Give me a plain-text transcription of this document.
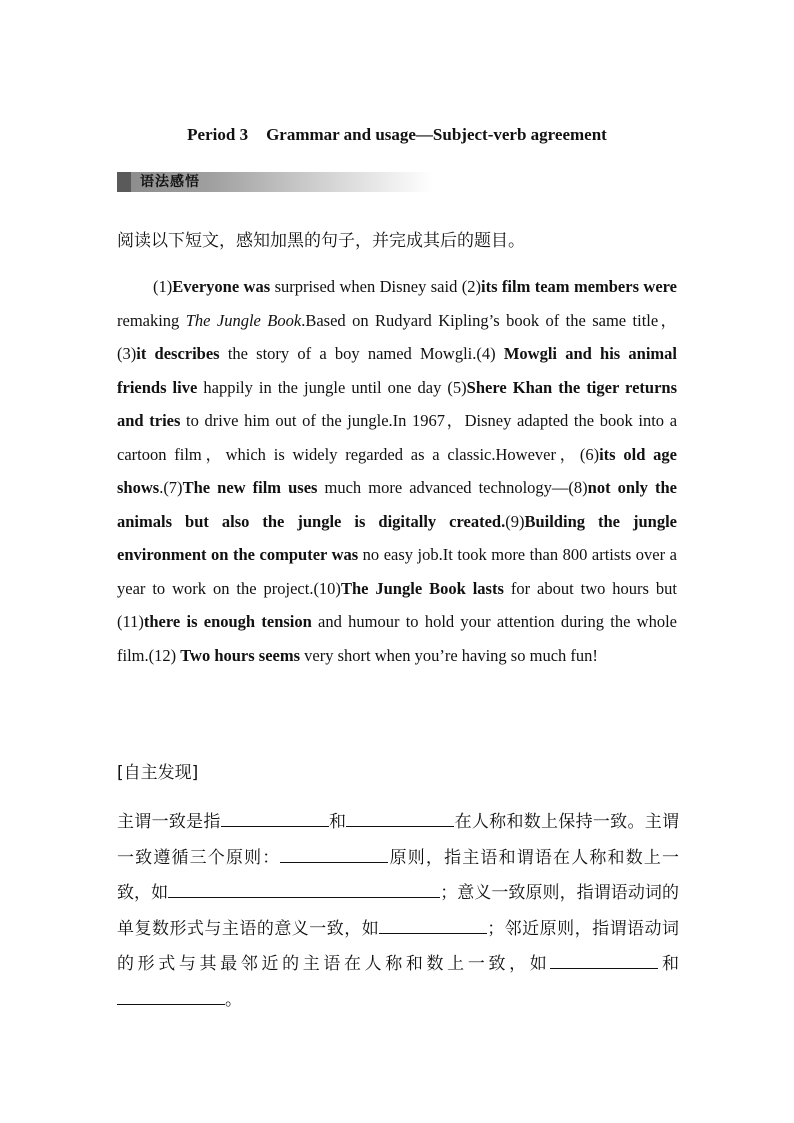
Period 3 Grammar and usage—Subject-verb agreement
语法感悟
阅读以下短文，感知加黑的句子，并完成其后的题目。

(1)Everyone was surprised when Disney said (2)its film team members were remaking The Jungle Book.Based on Rudyard Kipling’s book of the same title，(3)it describes the story of a boy named Mowgli.(4) Mowgli and his animal friends live happily in the jungle until one day (5)Shere Khan the tiger returns and tries to drive him out of the jungle.In 1967，Disney adapted the book into a cartoon film，which is widely regarded as a classic.However，(6)its old age shows.(7)The new film uses much more advanced technology—(8)not only the animals but also the jungle is digitally created.(9)Building the jungle environment on the computer was no easy job.It took more than 800 artists over a year to work on the project.(10)The Jungle Book lasts for about two hours but (11)there is enough tension and humour to hold your attention during the whole film.(12) Two hours seems very short when you’re having so much fun!

[自主发现]

主谓一致是指	和	在人称和数上保持一致。主谓一致遵循三个原则：	原则，指主语和谓语在人称和数上一致，如	；意义一致原则，指谓语动词的单复数形式与主语的意义一致，如	；邻近原则，指谓语动词的形式与其最邻近的主语在人称和数上一致，如	和。
